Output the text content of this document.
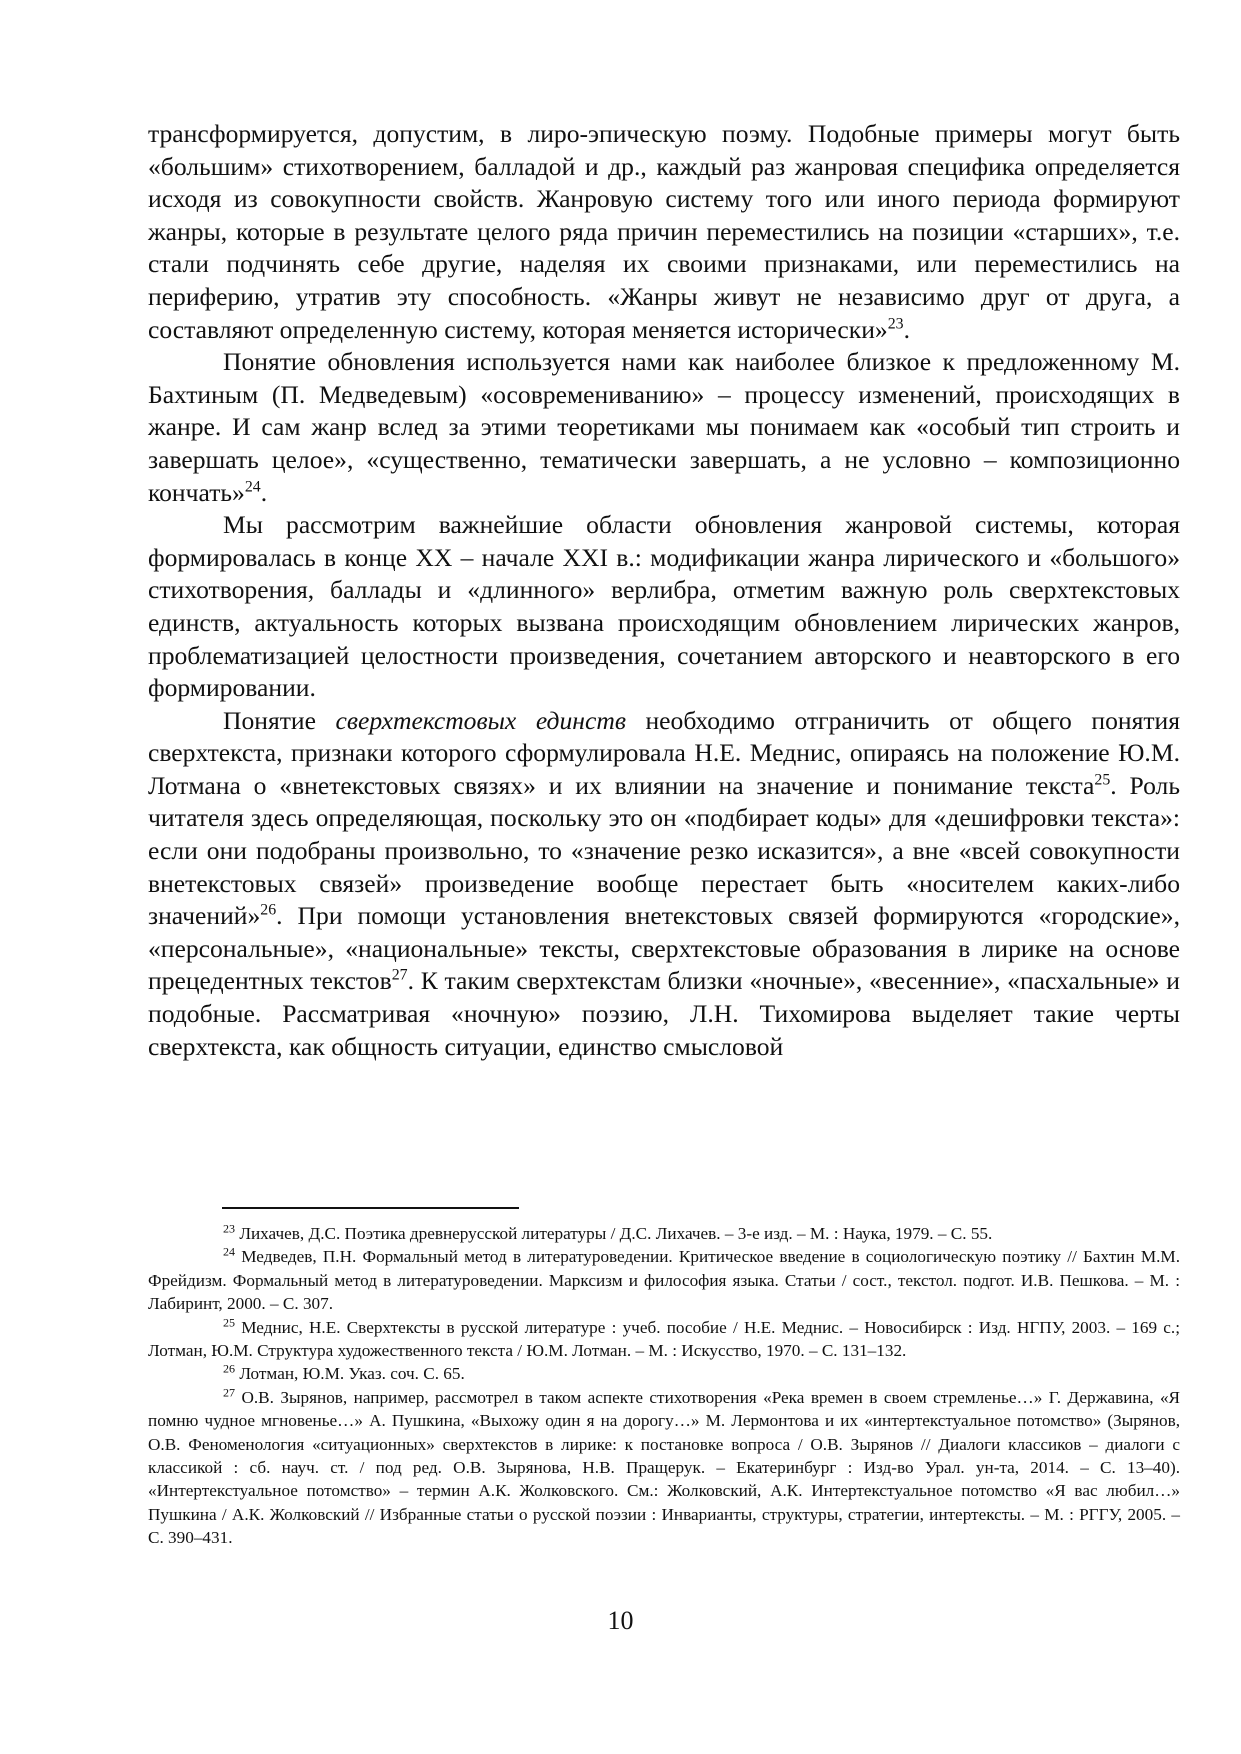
трансформируется, допустим, в лиро-эпическую поэму. Подобные примеры могут быть «большим» стихотворением, балладой и др., каждый раз жанровая специфика определяется исходя из совокупности свойств. Жанровую систему того или иного периода формируют жанры, которые в результате целого ряда причин переместились на позиции «старших», т.е. стали подчинять себе другие, наделяя их своими признаками, или переместились на периферию, утратив эту способность. «Жанры живут не независимо друг от друга, а составляют определенную систему, которая меняется исторически»$^{23}$.

Понятие обновления используется нами как наиболее близкое к предложенному М. Бахтиным (П. Медведевым) «осовремениванию» – процессу изменений, происходящих в жанре. И сам жанр вслед за этими теоретиками мы понимаем как «особый тип строить и завершать целое», «существенно, тематически завершать, а не условно – композиционно кончать»$^{24}$.

Мы рассмотрим важнейшие области обновления жанровой системы, которая формировалась в конце XX – начале XXI в.: модификации жанра лирического и «большого» стихотворения, баллады и «длинного» верлибра, отметим важную роль сверхтекстовых единств, актуальность которых вызвана происходящим обновлением лирических жанров, проблематизацией целостности произведения, сочетанием авторского и неавторского в его формировании.

Понятие сверхтекстовых единств необходимо отграничить от общего понятия сверхтекста, признаки которого сформулировала Н.Е. Меднис, опираясь на положение Ю.М. Лотмана о «внетекстовых связях» и их влиянии на значение и понимание текста$^{25}$. Роль читателя здесь определяющая, поскольку это он «подбирает коды» для «дешифровки текста»: если они подобраны произвольно, то «значение резко исказится», а вне «всей совокупности внетекстовых связей» произведение вообще перестает быть «носителем каких-либо значений»$^{26}$. При помощи установления внетекстовых связей формируются «городские», «персональные», «национальные» тексты, сверхтекстовые образования в лирике на основе прецедентных текстов$^{27}$. К таким сверхтекстам близки «ночные», «весенние», «пасхальные» и подобные. Рассматривая «ночную» поэзию, Л.Н. Тихомирова выделяет такие черты сверхтекста, как общность ситуации, единство смысловой

$^{23}$ Лихачев, Д.С. Поэтика древнерусской литературы / Д.С. Лихачев. – 3-е изд. – М. : Наука, 1979. – С. 55.

$^{24}$ Медведев, П.Н. Формальный метод в литературоведении. Критическое введение в социологическую поэтику // Бахтин М.М. Фрейдизм. Формальный метод в литературоведении. Марксизм и философия языка. Статьи / сост., текстол. подгот. И.В. Пешкова. – М. : Лабиринт, 2000. – С. 307.

$^{25}$ Меднис, Н.Е. Сверхтексты в русской литературе : учеб. пособие / Н.Е. Меднис. – Новосибирск : Изд. НГПУ, 2003. – 169 с.; Лотман, Ю.М. Структура художественного текста / Ю.М. Лотман. – М. : Искусство, 1970. – С. 131–132.

$^{26}$ Лотман, Ю.М. Указ. соч. С. 65.

$^{27}$ О.В. Зырянов, например, рассмотрел в таком аспекте стихотворения «Река времен в своем стремленье…» Г. Державина, «Я помню чудное мгновенье…» А. Пушкина, «Выхожу один я на дорогу…» М. Лермонтова и их «интертекстуальное потомство» (Зырянов, О.В. Феноменология «ситуационных» сверхтекстов в лирике: к постановке вопроса / О.В. Зырянов // Диалоги классиков – диалоги с классикой : сб. науч. ст. / под ред. О.В. Зырянова, Н.В. Пращерук. – Екатеринбург : Изд-во Урал. ун-та, 2014. – С. 13–40). «Интертекстуальное потомство» – термин А.К. Жолковского. См.: Жолковский, А.К. Интертекстуальное потомство «Я вас любил…» Пушкина / А.К. Жолковский // Избранные статьи о русской поэзии : Инварианты, структуры, стратегии, интертексты. – М. : РГГУ, 2005. – С. 390–431.

10
